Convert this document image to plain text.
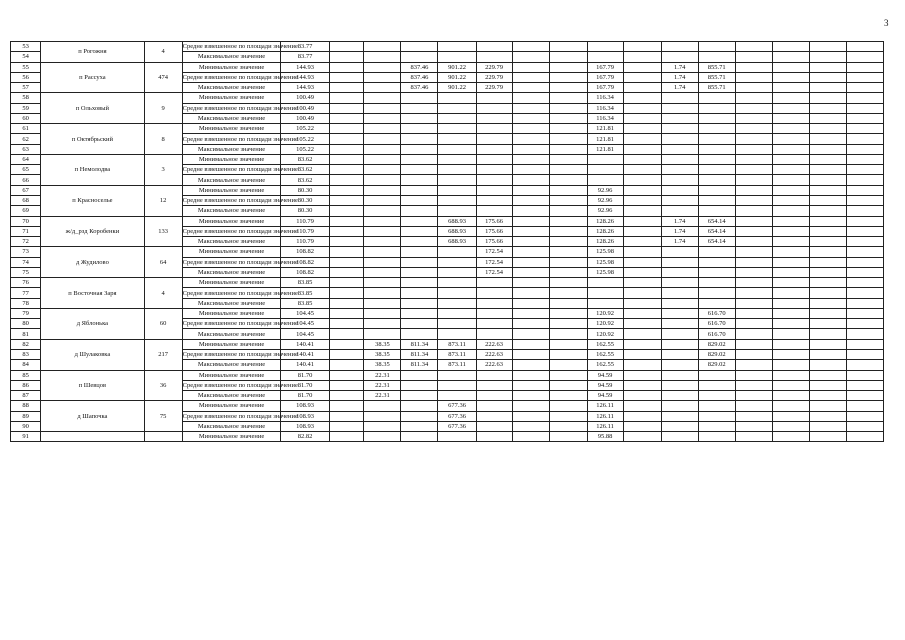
3
53	п Рогожня	4	Средне взвешенное по площади значение	83.77															
54			Максимальное значение	83.77															
55	п Рассуха	474	Минимальное значение	144.93			837.46	901.22	229.79			167.79		1.74	855.71				
56			Средне взвешенное по площади значение	144.93			837.46	901.22	229.79			167.79		1.74	855.71				
57			Максимальное значение	144.93			837.46	901.22	229.79			167.79		1.74	855.71				
58	п Ольховый	9	Минимальное значение	100.49								116.34							
59			Средне взвешенное по площади значение	100.49								116.34							
60			Максимальное значение	100.49								116.34							
61	п Октябрьский	8	Минимальное значение	105.22								121.81							
62			Средне взвешенное по площади значение	105.22								121.81							
63			Максимальное значение	105.22								121.81							
64	п Немолодва	3	Минимальное значение	83.62															
65			Средне взвешенное по площади значение	83.62															
66			Максимальное значение	83.62															
67	п Красноселье	12	Минимальное значение	80.30								92.96							
68			Средне взвешенное по площади значение	80.30								92.96							
69			Максимальное значение	80.30								92.96							
70	ж/д_рзд Коробенки	133	Минимальное значение	110.79				688.93	175.66			128.26		1.74	654.14				
71			Средне взвешенное по площади значение	110.79				688.93	175.66			128.26		1.74	654.14				
72			Максимальное значение	110.79				688.93	175.66			128.26		1.74	654.14				
73	д Жудилово	64	Минимальное значение	108.82					172.54			125.98							
74			Средне взвешенное по площади значение	108.82					172.54			125.98							
75			Максимальное значение	108.82					172.54			125.98							
76	п Восточная Заря	4	Минимальное значение	83.85															
77			Средне взвешенное по площади значение	83.85															
78			Максимальное значение	83.85															
79	д Яблонька	60	Минимальное значение	104.45								120.92			616.70				
80			Средне взвешенное по площади значение	104.45								120.92			616.70				
81			Максимальное значение	104.45								120.92			616.70				
82	д Шулаковка	217	Минимальное значение	140.41		38.35	811.34	873.11	222.63			162.55			829.02				
83			Средне взвешенное по площади значение	140.41		38.35	811.34	873.11	222.63			162.55			829.02				
84			Максимальное значение	140.41		38.35	811.34	873.11	222.63			162.55			829.02				
85	п Шевцов	36	Минимальное значение	81.70		22.31						94.59							
86			Средне взвешенное по площади значение	81.70		22.31						94.59							
87			Максимальное значение	81.70		22.31						94.59							
88	д Шапочка	75	Минимальное значение	108.93				677.36				126.11							
89			Средне взвешенное по площади значение	108.93				677.36				126.11							
90			Максимальное значение	108.93				677.36				126.11							
91			Минимальное значение	82.82								95.88							
